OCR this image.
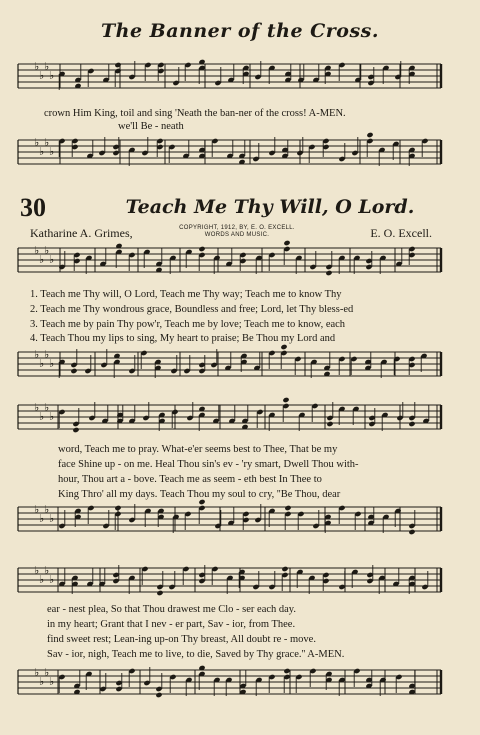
♭
♭
♭
♭
♭
♭
♭
♭
♭
♭
♭
♭
♭
♭
♭
♭
♭
♭
♭
♭
♭
♭
♭
♭
♭
♭
♭
♭
♭
♭
♭
♭
The Banner of the Cross.
crown Him King, toil and sing 'Neath the ban-ner of the cross! A-MEN.
we'll Be - neath
30	Teach Me Thy Will, O Lord.
Katharine A. Grimes,	COPYRIGHT, 1912, BY, E. O. EXCELL.
WORDS AND MUSIC.	E. O. Excell.
1. Teach me Thy will, O Lord, Teach me Thy way; Teach me to know Thy
2. Teach me Thy wondrous grace, Boundless and free; Lord, let Thy bless-ed
3. Teach me by pain Thy pow'r, Teach me by love; Teach me to know, each
4. Teach Thou my lips to sing, My heart to praise; Be Thou my Lord and
word, Teach me to pray. What-e'er seems best to Thee, That be my
face Shine up - on me. Heal Thou sin's ev - 'ry smart, Dwell Thou with-
hour, Thou art a - bove. Teach me as seem - eth best In Thee to
King Thro' all my days. Teach Thou my soul to cry, ''Be Thou, dear
ear - nest plea, So that Thou drawest me Clo - ser each day.
in my heart; Grant that I nev - er part, Sav - ior, from Thee.
find sweet rest; Lean-ing up-on Thy breast, All doubt re - move.
Sav - ior, nigh, Teach me to live, to die, Saved by Thy grace.'' A-MEN.
